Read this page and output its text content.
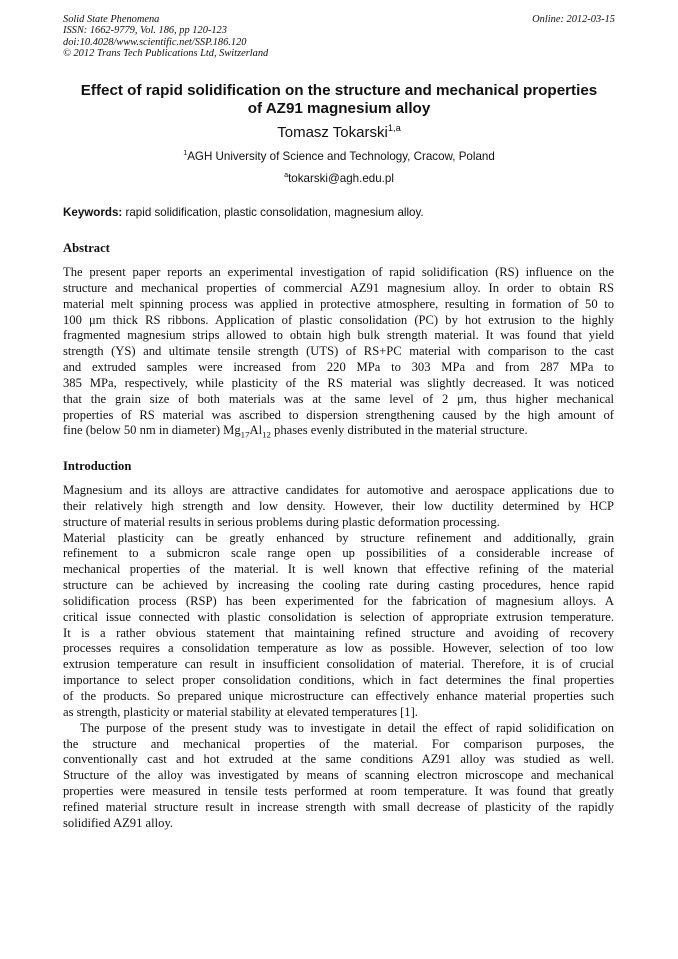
Solid State Phenomena
ISSN: 1662-9779, Vol. 186, pp 120-123
doi:10.4028/www.scientific.net/SSP.186.120
© 2012 Trans Tech Publications Ltd, Switzerland
Online: 2012-03-15
Effect of rapid solidification on the structure and mechanical properties
of AZ91 magnesium alloy
Tomasz Tokarski$^{1,a}$
$^1$AGH University of Science and Technology, Cracow, Poland
$^a$tokarski@agh.edu.pl
Keywords: rapid solidification, plastic consolidation, magnesium alloy.
Abstract
The present paper reports an experimental investigation of rapid solidification (RS) influence on the
structure and mechanical properties of commercial AZ91 magnesium alloy. In order to obtain RS
material melt spinning process was applied in protective atmosphere, resulting in formation of 50 to
100 μm thick RS ribbons. Application of plastic consolidation (PC) by hot extrusion to the highly
fragmented magnesium strips allowed to obtain high bulk strength material. It was found that yield
strength (YS) and ultimate tensile strength (UTS) of RS+PC material with comparison to the cast
and extruded samples were increased from 220 MPa to 303 MPa and from 287 MPa to
385 MPa, respectively, while plasticity of the RS material was slightly decreased. It was noticed
that the grain size of both materials was at the same level of 2 μm, thus higher mechanical
properties of RS material was ascribed to dispersion strengthening caused by the high amount of
fine (below 50 nm in diameter) $Mg_{17}Al_{12}$ phases evenly distributed in the material structure.
Introduction
Magnesium and its alloys are attractive candidates for automotive and aerospace applications due to
their relatively high strength and low density. However, their low ductility determined by HCP
structure of material results in serious problems during plastic deformation processing.
Material plasticity can be greatly enhanced by structure refinement and additionally, grain
refinement to a submicron scale range open up possibilities of a considerable increase of
mechanical properties of the material. It is well known that effective refining of the material
structure can be achieved by increasing the cooling rate during casting procedures, hence rapid
solidification process (RSP) has been experimented for the fabrication of magnesium alloys. A
critical issue connected with plastic consolidation is selection of appropriate extrusion temperature.
It is a rather obvious statement that maintaining refined structure and avoiding of recovery
processes requires a consolidation temperature as low as possible. However, selection of too low
extrusion temperature can result in insufficient consolidation of material. Therefore, it is of crucial
importance to select proper consolidation conditions, which in fact determines the final properties
of the products. So prepared unique microstructure can effectively enhance material properties such
as strength, plasticity or material stability at elevated temperatures [1].
The purpose of the present study was to investigate in detail the effect of rapid solidification on
the structure and mechanical properties of the material. For comparison purposes, the
conventionally cast and hot extruded at the same conditions AZ91 alloy was studied as well.
Structure of the alloy was investigated by means of scanning electron microscope and mechanical
properties were measured in tensile tests performed at room temperature. It was found that greatly
refined material structure result in increase strength with small decrease of plasticity of the rapidly
solidified AZ91 alloy.
